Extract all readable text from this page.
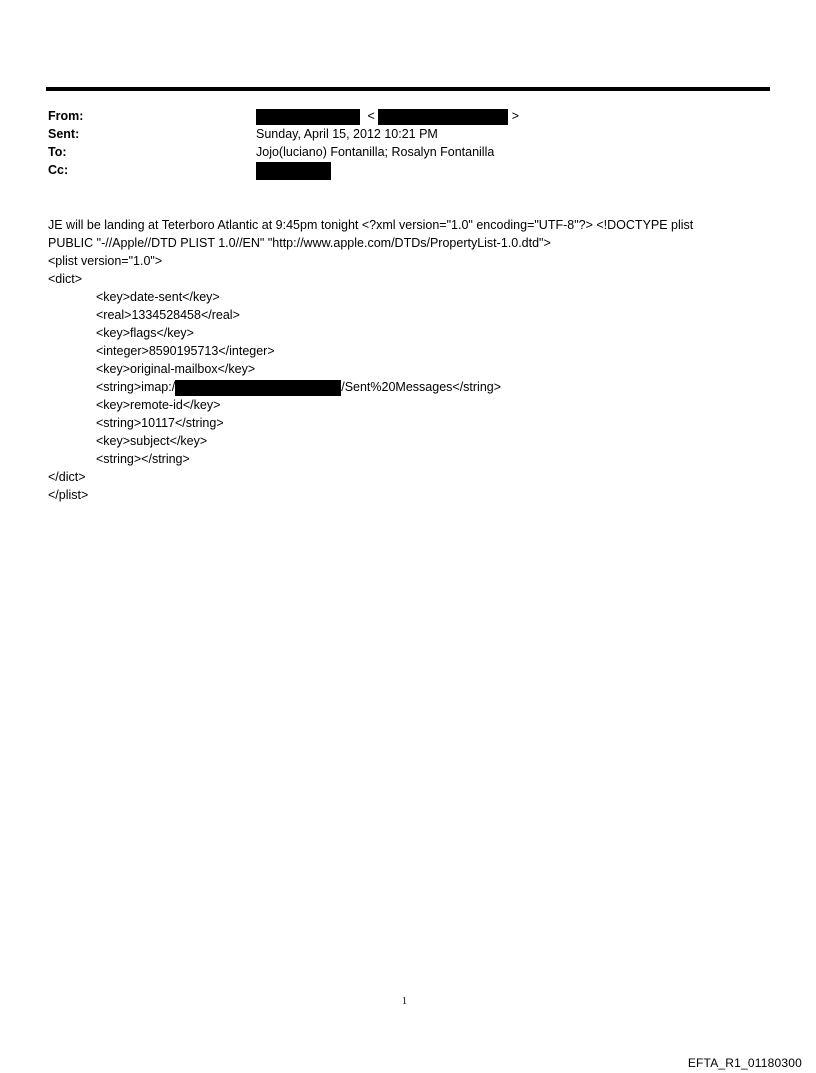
From:	<	>
Sent:	Sunday, April 15, 2012 10:21 PM
To:	Jojo(luciano) Fontanilla; Rosalyn Fontanilla
Cc:
JE will be landing at Teterboro Atlantic at 9:45pm tonight <?xml version="1.0" encoding="UTF-8"?> <!DOCTYPE plist
PUBLIC "-//Apple//DTD PLIST 1.0//EN" "http://www.apple.com/DTDs/PropertyList-1.0.dtd">
<plist version="1.0">
<dict>
<key>date-sent</key>
<real>1334528458</real>
<key>flags</key>
<integer>8590195713</integer>
<key>original-mailbox</key>
<string>imap:/	/Sent%20Messages</string>
<key>remote-id</key>
<string>10117</string>
<key>subject</key>
<string></string>
</dict>
</plist>
1
EFTA_R1_01180300
